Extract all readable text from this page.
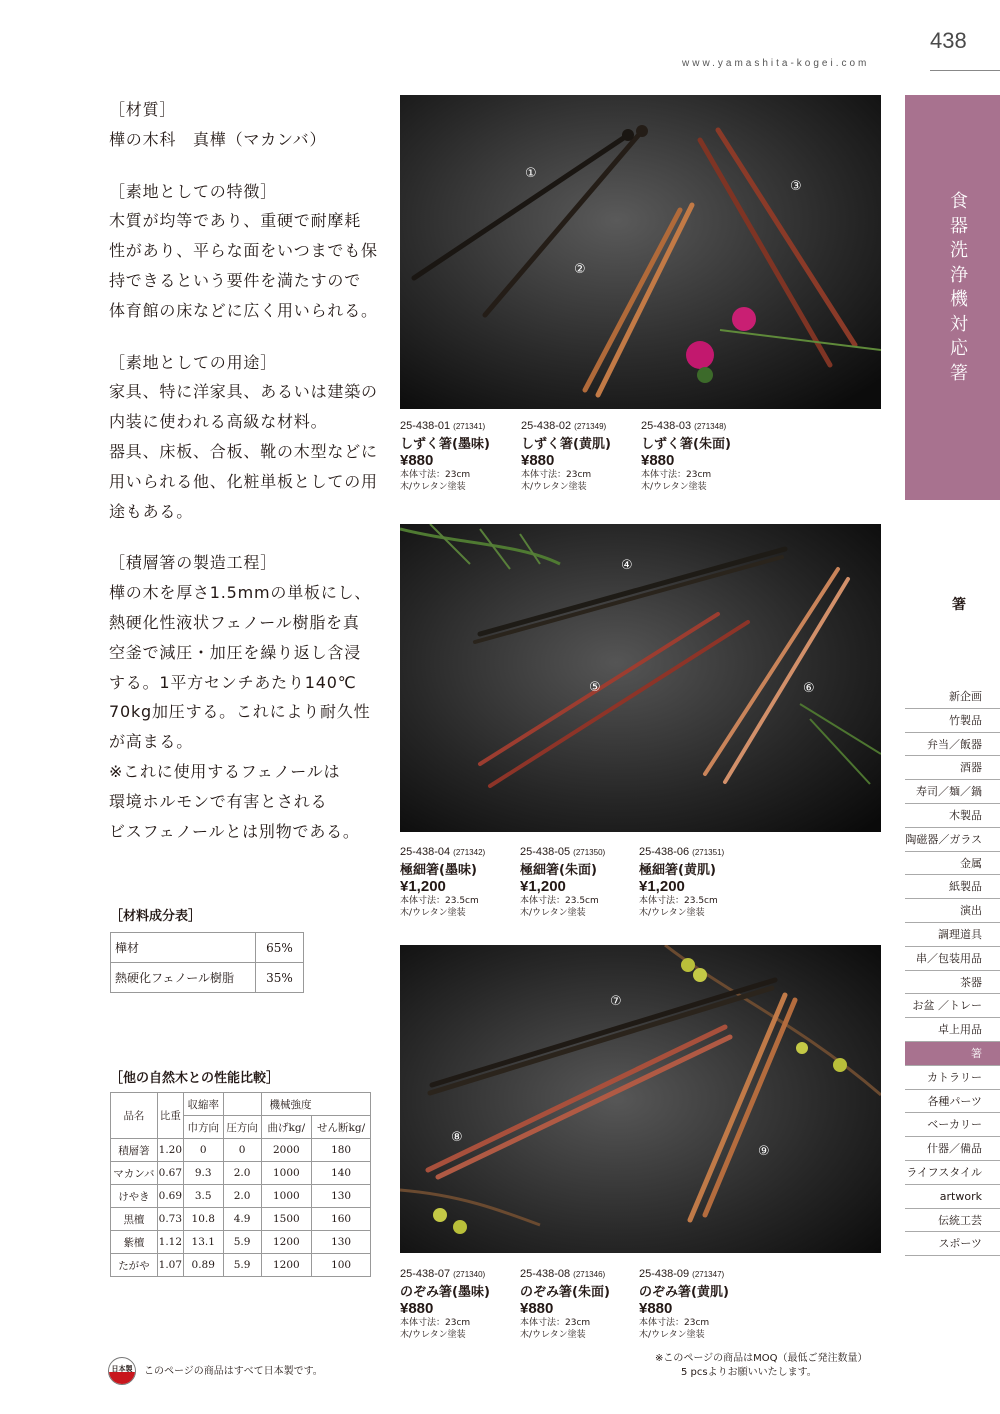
438
www.yamashita-kogei.com

［材質］

樺の木科　真樺（マカンバ）

［素地としての特徴］

木質が均等であり、重硬で耐摩耗

性があり、平らな面をいつまでも保

持できるという要件を満たすので

体育館の床などに広く用いられる。

［素地としての用途］

家具、特に洋家具、あるいは建築の

内装に使われる高級な材料。

器具、床板、合板、靴の木型などに

用いられる他、化粧単板としての用

途もある。

［積層箸の製造工程］

樺の木を厚さ1.5mmの単板にし、

熱硬化性液状フェノール樹脂を真

空釜で減圧・加圧を繰り返し含浸

する。1平方センチあたり140℃

70kg加圧する。これにより耐久性

が高まる。

※これに使用するフェノールは

環境ホルモンで有害とされる

ビスフェノールとは別物である。

［材料成分表］
樺材	65%
熱硬化フェノール樹脂	35%
［他の自然木との性能比較］
品名	比重	収縮率		機械強度	
		巾方向	圧方向	曲げkg/	せん断kg/
積層箸	1.20	0	0	2000	180
マカンバ	0.67	9.3	2.0	1000	140
けやき	0.69	3.5	2.0	1000	130
黒檀	0.73	10.8	4.9	1500	160
紫檀	1.12	13.1	5.9	1200	130
たがや	1.07	0.89	5.9	1200	100
①
②
③
④
⑤	⑥
⑦
⑧
⑨
25-438-01 (271341)
しずく箸(墨味)
¥880
本体寸法：23cm
木/ウレタン塗装
25-438-02 (271349)
しずく箸(黄肌)
¥880
本体寸法：23cm
木/ウレタン塗装
25-438-03 (271348)
しずく箸(朱面)
¥880
本体寸法：23cm
木/ウレタン塗装
25-438-04 (271342)
極細箸(墨味)
¥1,200
本体寸法：23.5cm
木/ウレタン塗装
25-438-05 (271350)
極細箸(朱面)
¥1,200
本体寸法：23.5cm
木/ウレタン塗装
25-438-06 (271351)
極細箸(黄肌)
¥1,200
本体寸法：23.5cm
木/ウレタン塗装
25-438-07 (271340)
のぞみ箸(墨味)
¥880
本体寸法：23cm
木/ウレタン塗装
25-438-08 (271346)
のぞみ箸(朱面)
¥880
本体寸法：23cm
木/ウレタン塗装
25-438-09 (271347)
のぞみ箸(黄肌)
¥880
本体寸法：23cm
木/ウレタン塗装
食器洗浄機対応箸
箸
新企画
竹製品
弁当／飯器
酒器
寿司／麺／鍋
木製品
陶磁器／ガラス
金属
紙製品
演出
調理道具
串／包装用品
茶器
お盆 ／トレー
卓上用品
箸
カトラリー
各種パーツ
ベーカリー
什器／備品
ライフスタイル
artwork
伝統工芸
スポーツ
日本製 このページの商品はすべて日本製です。
※このページの商品はMOQ（最低ご発注数量）
5 pcsよりお願いいたします。
